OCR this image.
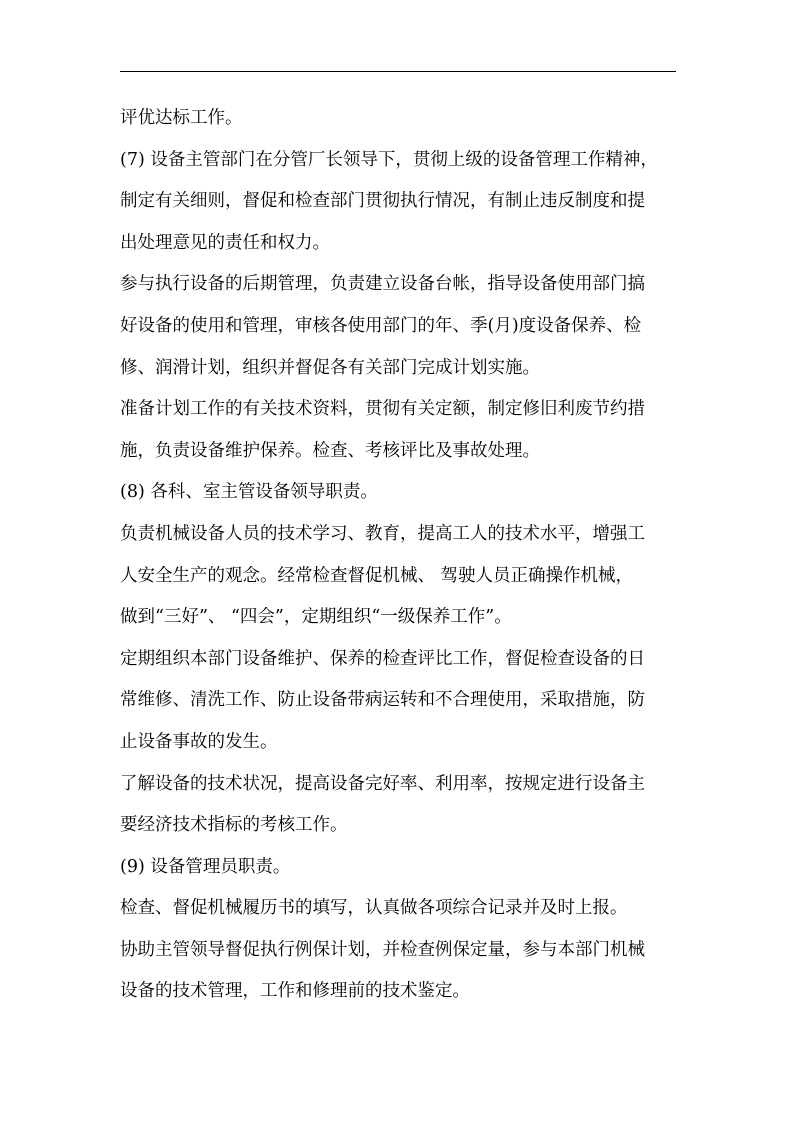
评优达标工作。

(7) 设备主管部门在分管厂长领导下，贯彻上级的设备管理工作精神，

制定有关细则，督促和检查部门贯彻执行情况，有制止违反制度和提

出处理意见的责任和权力。

参与执行设备的后期管理，负责建立设备台帐，指导设备使用部门搞

好设备的使用和管理，审核各使用部门的年、季(月)度设备保养、检

修、润滑计划，组织并督促各有关部门完成计划实施。

准备计划工作的有关技术资料，贯彻有关定额，制定修旧利废节约措

施，负责设备维护保养。检查、考核评比及事故处理。

(8) 各科、室主管设备领导职责。

负责机械设备人员的技术学习、教育，提高工人的技术水平，增强工

人安全生产的观念。经常检查督促机械、 驾驶人员正确操作机械，

做到“三好”、 “四会”，定期组织“一级保养工作”。

定期组织本部门设备维护、保养的检查评比工作，督促检查设备的日

常维修、清洗工作、防止设备带病运转和不合理使用，采取措施，防

止设备事故的发生。

了解设备的技术状况，提高设备完好率、利用率，按规定进行设备主

要经济技术指标的考核工作。

(9) 设备管理员职责。

检查、督促机械履历书的填写，认真做各项综合记录并及时上报。

协助主管领导督促执行例保计划，并检查例保定量，参与本部门机械

设备的技术管理，工作和修理前的技术鉴定。
